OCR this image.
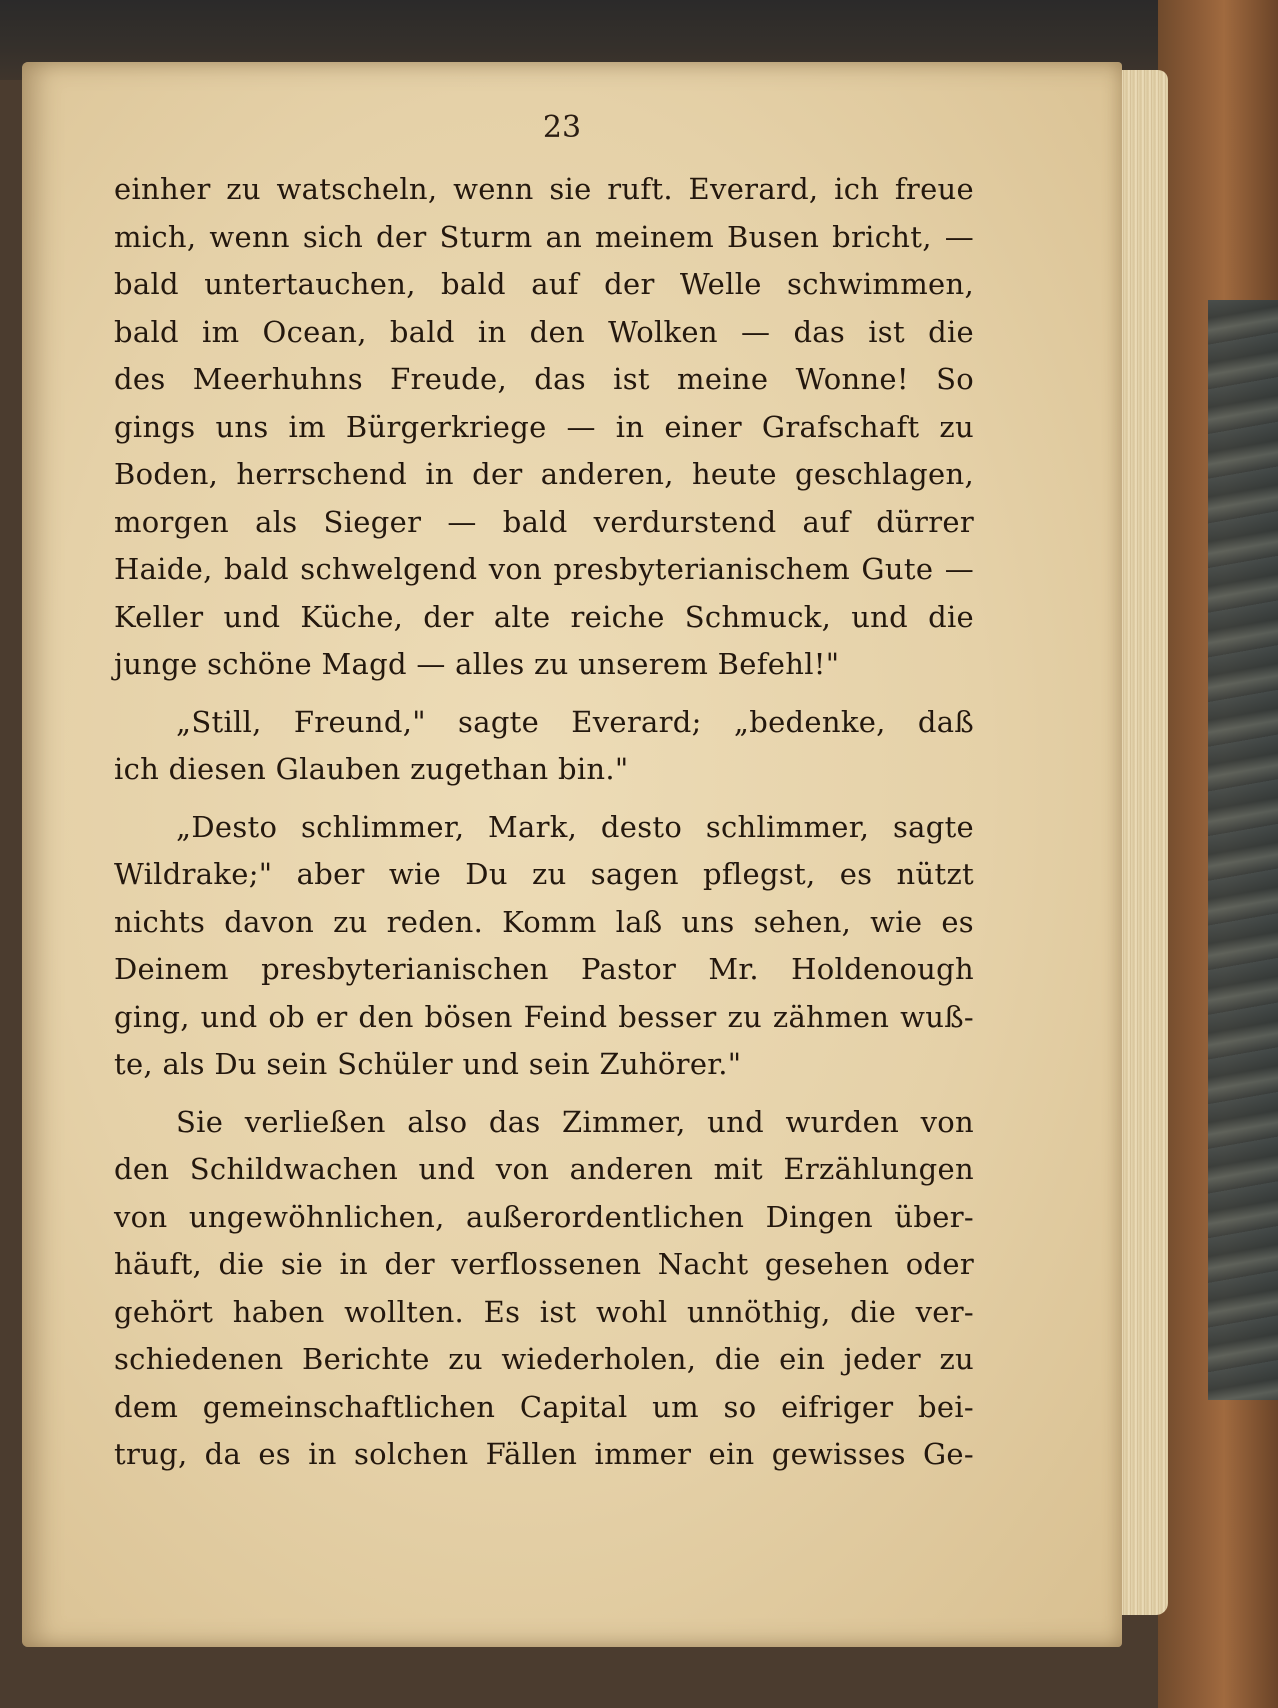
23
einher zu watscheln, wenn sie ruft. Everard, ich freue
mich, wenn sich der Sturm an meinem Busen bricht, —
bald untertauchen, bald auf der Welle schwimmen,
bald im Ocean, bald in den Wolken — das ist die
des Meerhuhns Freude, das ist meine Wonne! So
gings uns im Bürgerkriege — in einer Grafschaft zu
Boden, herrschend in der anderen, heute geschlagen,
morgen als Sieger — bald verdurstend auf dürrer
Haide, bald schwelgend von presbyterianischem Gute —
Keller und Küche, der alte reiche Schmuck, und die
junge schöne Magd — alles zu unserem Befehl!"
„Still, Freund," sagte Everard; „bedenke, daß
ich diesen Glauben zugethan bin."
„Desto schlimmer, Mark, desto schlimmer, sagte
Wildrake;" aber wie Du zu sagen pflegst, es nützt
nichts davon zu reden. Komm laß uns sehen, wie es
Deinem presbyterianischen Pastor Mr. Holdenough
ging, und ob er den bösen Feind besser zu zähmen wuß-
te, als Du sein Schüler und sein Zuhörer."
Sie verließen also das Zimmer, und wurden von
den Schildwachen und von anderen mit Erzählungen
von ungewöhnlichen, außerordentlichen Dingen über-
häuft, die sie in der verflossenen Nacht gesehen oder
gehört haben wollten. Es ist wohl unnöthig, die ver-
schiedenen Berichte zu wiederholen, die ein jeder zu
dem gemeinschaftlichen Capital um so eifriger bei-
trug, da es in solchen Fällen immer ein gewisses Ge-
